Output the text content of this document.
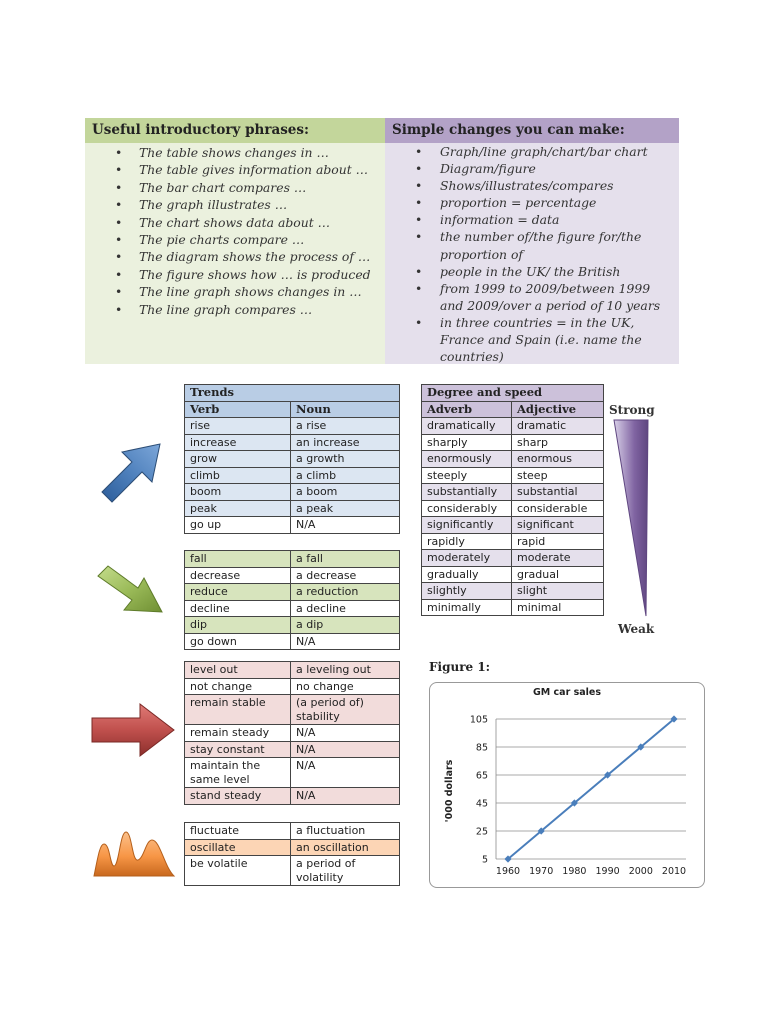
Useful introductory phrases:
• The table shows changes in …
• The table gives information about …
• The bar chart compares …
• The graph illustrates …
• The chart shows data about …
• The pie charts compare …
• The diagram shows the process of …
• The figure shows how … is produced
• The line graph shows changes in …
• The line graph compares …
Simple changes you can make:
• Graph/line graph/chart/bar chart
• Diagram/figure
• Shows/illustrates/compares
• proportion = percentage
• information = data
• the number of/the figure for/the proportion of
• people in the UK/ the British
• from 1999 to 2009/between 1999 and 2009/over a period of 10 years
• in three countries = in the UK, France and Spain (i.e. name the countries)
Trends	
Verb	Noun
rise	a rise
increase	an increase
grow	a growth
climb	a climb
boom	a boom
peak	a peak
go up	N/A
fall	a fall
decrease	a decrease
reduce	a reduction
decline	a decline
dip	a dip
go down	N/A
level out	a leveling out
not change	no change
remain stable	(a period of) stability
remain steady	N/A
stay constant	N/A
maintain the same level	N/A
stand steady	N/A
fluctuate	a fluctuation
oscillate	an oscillation
be volatile	a period of volatility
Degree and speed	
Adverb	Adjective
dramatically	dramatic
sharply	sharp
enormously	enormous
steeply	steep
substantially	substantial
considerably	considerable
significantly	significant
rapidly	rapid
moderately	moderate
gradually	gradual
slightly	slight
minimally	minimal
Strong
Weak
Figure 1:
GM car sales
'000 dollars
5
25
45
65
85
105
1960 1970 1980 1990 2000 2010
